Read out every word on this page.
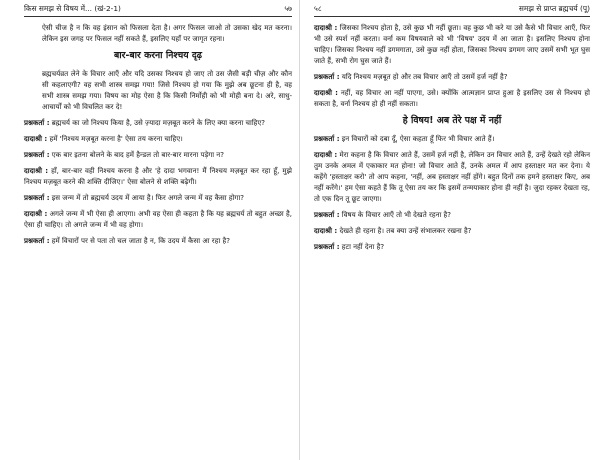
किस समझ से विषय में... (खं-2-1)	५७
ऐसी चीज है न कि वह इंसान को फिसला देता है। अगर फिसल जाओ तो उसका खेद मत करना। लेकिन इस जगह पर फिसल नहीं सकते हैं, इसलिए यहाँ पर जागृत रहना।
बार-बार करना निश्चय दृढ़
ब्रह्मचर्यव्रत लेने के विचार आएँ और यदि उसका निश्चय हो जाए तो उस जैसी बड़ी चीज़ और कौन सी कहलाएगी? वह सभी शास्त्र समझ गया! जिसे निश्चय हो गया कि मुझे अब छूटना ही है, वह सभी शास्त्र समझ गया। विषय का मोह ऐसा है कि किसी निर्मोही को भी मोही बना दे। अरे, साधु-आचार्यों को भी विचलित कर दे!
प्रश्नकर्ता : ब्रह्मचर्य का जो निश्चय किया है, उसे ज़्यादा मज़बूत करने के लिए क्या करना चाहिए?
दादाश्री : हमें 'निश्चय मज़बूत करना है' ऐसा तय करना चाहिए।
प्रश्नकर्ता : एक बार इतना बोलने के बाद हमें हैन्डल तो बार-बार मारना पड़ेगा न?
दादाश्री : हाँ, बार-बार वही निश्चय करना है और 'हे दादा भगवान! मैं निश्चय मज़बूत कर रहा हूँ, मुझे निश्चय मज़बूत करने की शक्ति दीजिए।' ऐसा बोलने से शक्ति बढ़ेगी।
प्रश्नकर्ता : इस जन्म में तो ब्रह्मचर्य उदय में आया है। फिर अगले जन्म में वह कैसा होगा?
दादाश्री : अगले जन्म में भी ऐसा ही आएगा। अभी वह ऐसा ही कहता है कि यह ब्रह्मचर्य तो बहुत अच्छा है, ऐसा ही चाहिए। तो अगले जन्म में भी वह होगा।
प्रश्नकर्ता : हमें विचारों पर से पता तो चल जाता है न, कि उदय में कैसा आ रहा है?
५८	समझ से प्राप्त ब्रह्मचर्य (पू)
दादाश्री : जिसका निश्चय होता है, उसे कुछ भी नहीं छूता। वह कुछ भी करे या उसे कैसे भी विचार आएँ, फिर भी उसे स्पर्श नहीं करता। वर्ना कम विषयवाले को भी 'विषय' उदय में आ जाता है। इसलिए निश्चय होना चाहिए। जिसका निश्चय नहीं डगमगाता, उसे कुछ नहीं होता, जिसका निश्चय डगमग जाए उसमें सभी भूत घुस जाते हैं, सभी रोग घुस जाते हैं।
प्रश्नकर्ता : यदि निश्चय मज़बूत हो और तब विचार आएँ तो उसमें हर्ज नहीं है?
दादाश्री : नहीं, वह विचार आ नहीं पाएगा, उसे। क्योंकि आत्मज्ञान प्राप्त हुआ है इसलिए उस से निश्चय हो सकता है, वर्ना निश्चय हो ही नहीं सकता।
हे विषय! अब तेरे पक्ष में नहीं
प्रश्नकर्ता : इन विचारों को दबा दूँ, ऐसा कहता हूँ फिर भी विचार आते हैं।
दादाश्री : मेरा कहना है कि विचार आते हैं, उसमें हर्ज नहीं है, लेकिन उन विचार आते हैं, उन्हें देखते रहो लेकिन तुम उनके अमल में एकाकार मत होना! जो विचार आते हैं, उनके अमल में आप हस्ताक्षर मत कर देना। ये कहेंगे 'हस्ताक्षर करो' तो आप कहना, 'नहीं, अब हस्ताक्षर नहीं होंगे। बहुत दिनों तक हमने हस्ताक्षर किए, अब नहीं करेंगे।' हम ऐसा कहते हैं कि तू ऐसा तय कर कि इसमें तन्मयाकार होना ही नहीं है। जुदा रहकर देखता रह, तो एक दिन तू छूट जाएगा।
प्रश्नकर्ता : विषय के विचार आएँ तो भी देखते रहना है?
दादाश्री : देखते ही रहना है। तब क्या उन्हें संभालकर रखना है?
प्रश्नकर्ता : हटा नहीं देना है?
